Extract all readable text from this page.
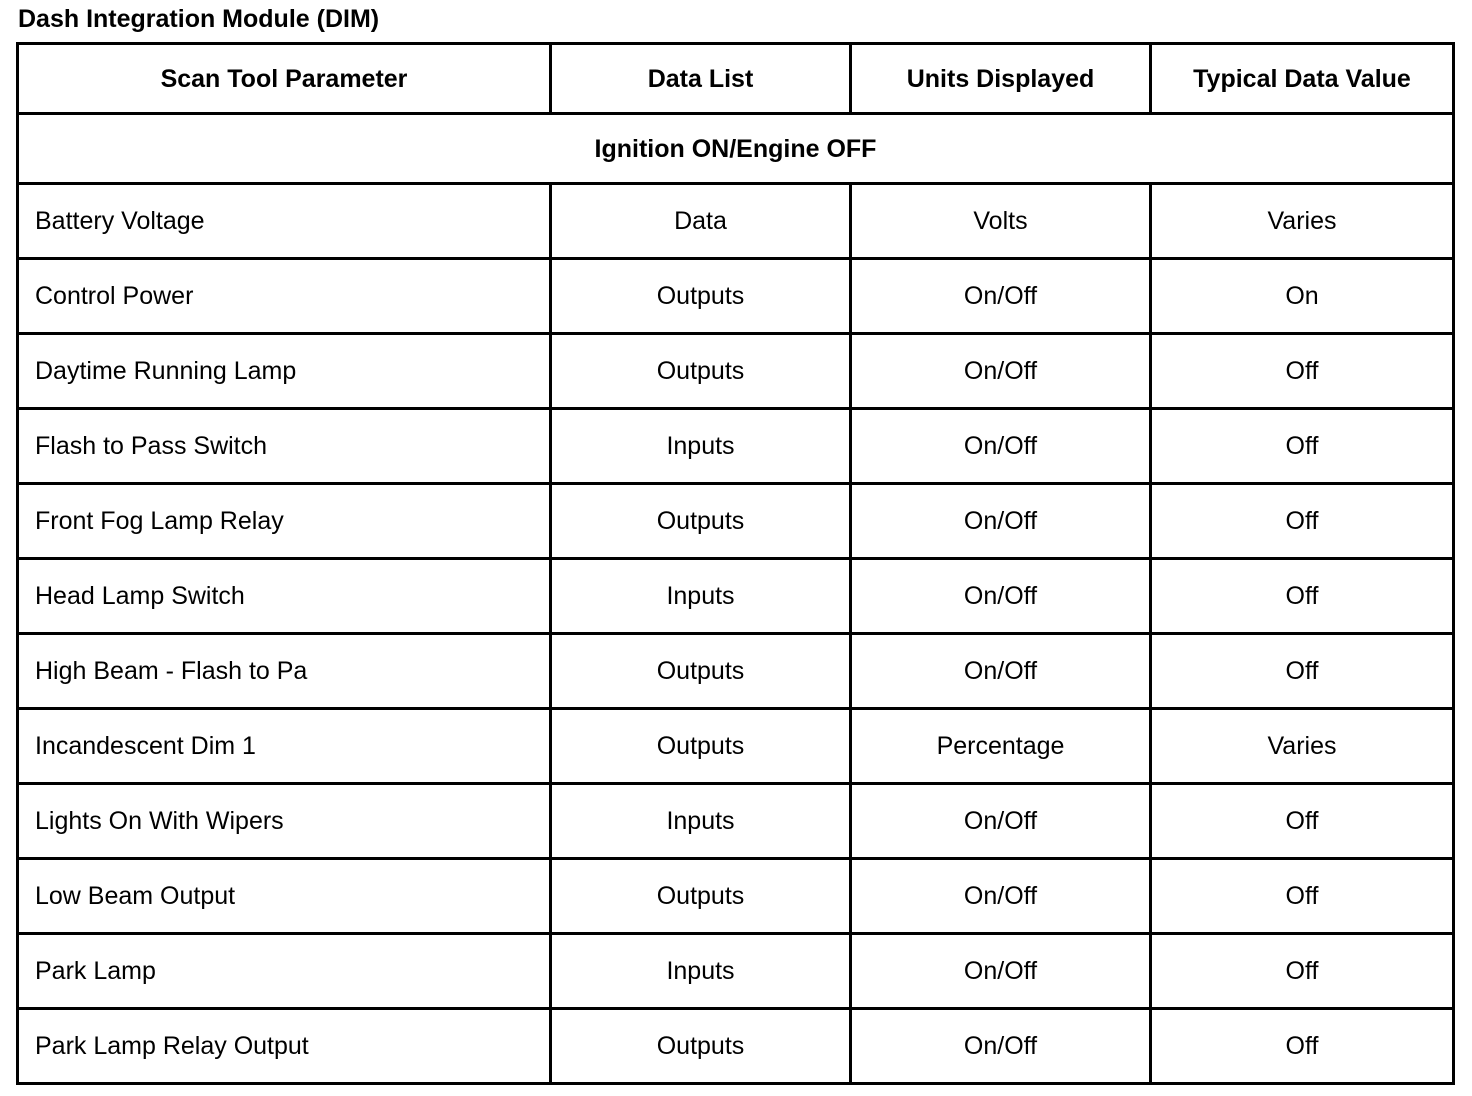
Dash Integration Module (DIM)
Scan Tool Parameter	Data List	Units Displayed	Typical Data Value
Ignition ON/Engine OFF			
Battery Voltage	Data	Volts	Varies
Control Power	Outputs	On/Off	On
Daytime Running Lamp	Outputs	On/Off	Off
Flash to Pass Switch	Inputs	On/Off	Off
Front Fog Lamp Relay	Outputs	On/Off	Off
Head Lamp Switch	Inputs	On/Off	Off
High Beam - Flash to Pa	Outputs	On/Off	Off
Incandescent Dim 1	Outputs	Percentage	Varies
Lights On With Wipers	Inputs	On/Off	Off
Low Beam Output	Outputs	On/Off	Off
Park Lamp	Inputs	On/Off	Off
Park Lamp Relay Output	Outputs	On/Off	Off
